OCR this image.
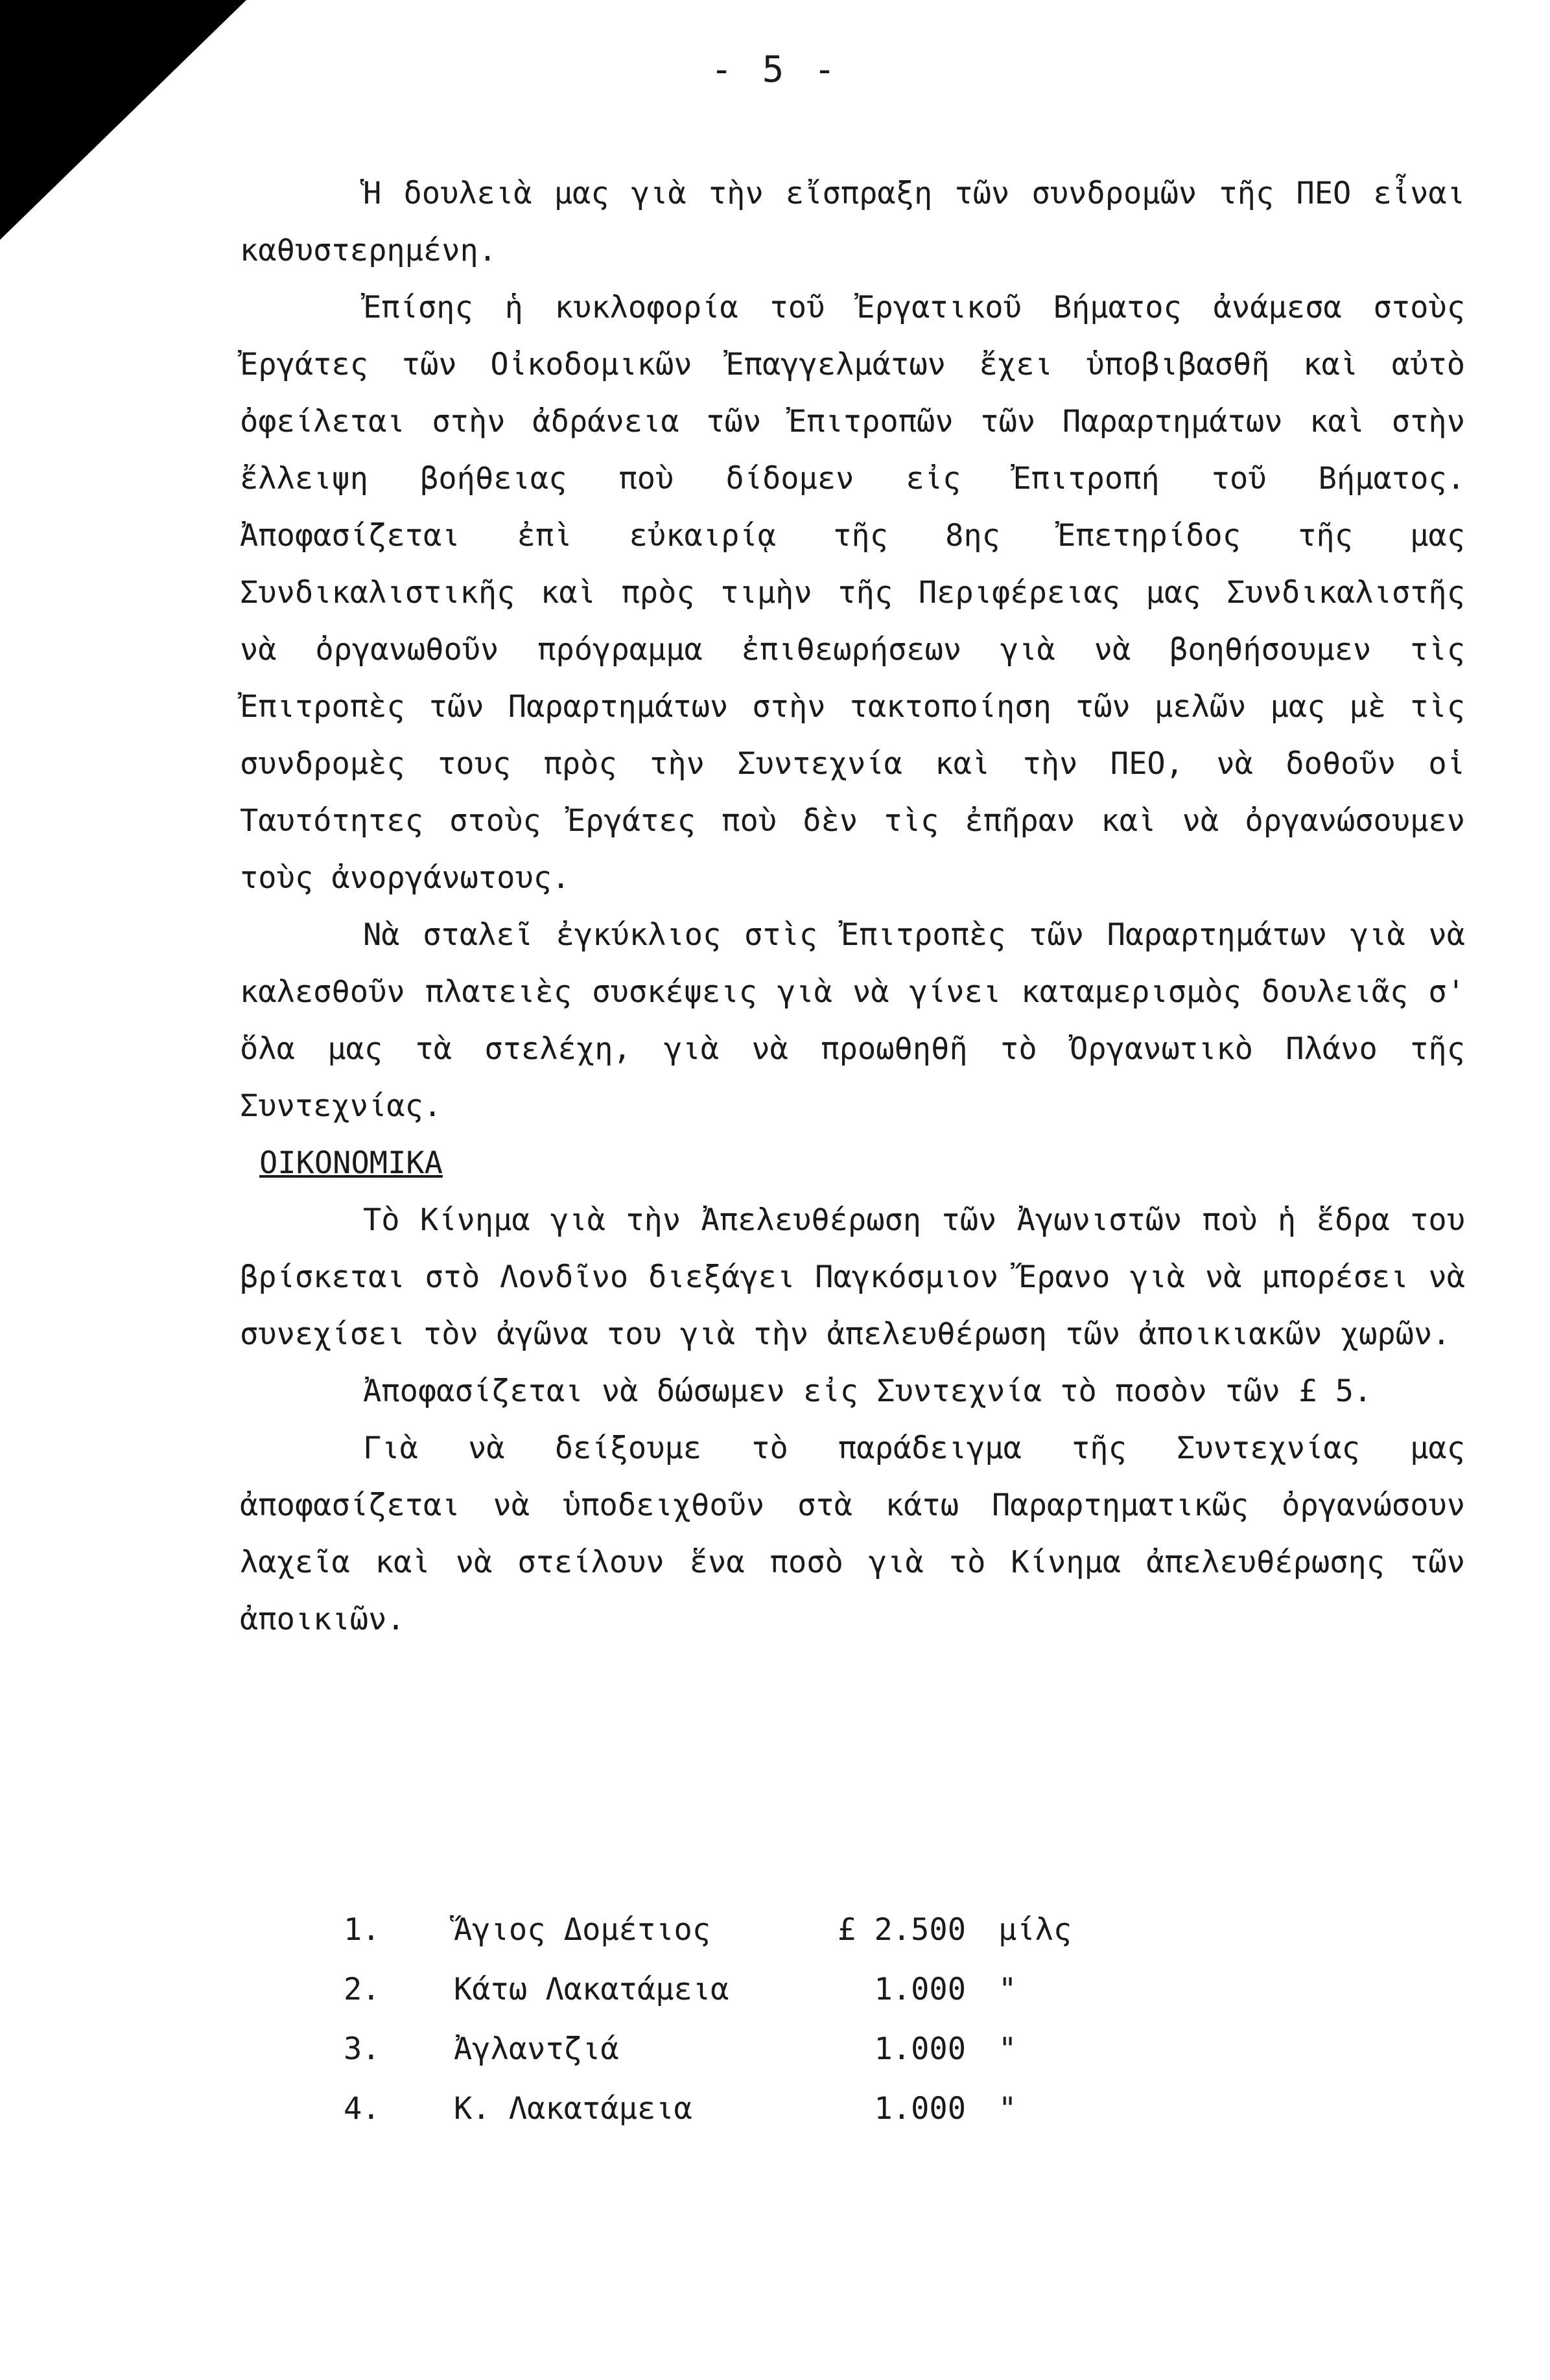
- 5 -

Ἡ δουλειὰ μας γιὰ τὴν εἴσπραξη τῶν συνδρομῶν τῆς ΠΕΟ εἶναι καθυστερημένη.

Ἐπίσης ἡ κυκλοφορία τοῦ Ἐργατικοῦ Βήματος ἀνάμεσα στοὺς Ἐργάτες τῶν Οἰκοδομικῶν Ἐπαγγελμάτων ἔχει ὑποβιβασθῆ καὶ αὐτὸ ὀφείλεται στὴν ἀδράνεια τῶν Ἐπιτροπῶν τῶν Παραρτημάτων καὶ στὴν ἔλλειψη βοήθειας ποὺ δίδομεν εἰς Ἐπιτροπή τοῦ Βήματος. Ἀποφασίζεται ἐπὶ εὐκαιρίᾳ τῆς 8ης Ἐπετηρίδος τῆς μας Συνδικαλιστικῆς καὶ πρὸς τιμὴν τῆς Περιφέρειας μας Συνδικαλιστῆς νὰ ὀργανωθοῦν πρόγραμμα ἐπιθεωρήσεων γιὰ νὰ βοηθήσουμεν τὶς Ἐπιτροπὲς τῶν Παραρτημάτων στὴν τακτοποίηση τῶν μελῶν μας μὲ τὶς συνδρομὲς τους πρὸς τὴν Συντεχνία καὶ τὴν ΠΕΟ, νὰ δοθοῦν οἱ Ταυτότητες στοὺς Ἐργάτες ποὺ δὲν τὶς ἐπῆραν καὶ νὰ ὀργανώσουμεν τοὺς ἀνοργάνωτους.

Νὰ σταλεῖ ἐγκύκλιος στὶς Ἐπιτροπὲς τῶν Παραρτημάτων γιὰ νὰ καλεσθοῦν πλατειὲς συσκέψεις γιὰ νὰ γίνει καταμερισμὸς δουλειᾶς σ' ὅλα μας τὰ στελέχη, γιὰ νὰ προωθηθῆ τὸ Ὀργανωτικὸ Πλάνο τῆς Συντεχνίας.

ΟΙΚΟΝΟΜΙΚΑ

Τὸ Κίνημα γιὰ τὴν Ἀπελευθέρωση τῶν Ἀγωνιστῶν ποὺ ἡ ἕδρα του βρίσκεται στὸ Λονδῖνο διεξάγει Παγκόσμιον Ἔρανο γιὰ νὰ μπορέσει νὰ συνεχίσει τὸν ἀγῶνα του γιὰ τὴν ἀπελευθέρωση τῶν ἀποικιακῶν χωρῶν.

Ἀποφασίζεται νὰ δώσωμεν εἰς Συντεχνία τὸ ποσὸν τῶν £ 5.

Γιὰ νὰ δείξουμε τὸ παράδειγμα τῆς Συντεχνίας μας ἀποφασίζεται νὰ ὑποδειχθοῦν στὰ κάτω Παραρτηματικῶς ὀργανώσουν λαχεῖα καὶ νὰ στείλουν ἕνα ποσὸ γιὰ τὸ Κίνημα ἀπελευθέρωσης τῶν ἀποικιῶν.

1. Ἅγιος Δομέτιος	£ 2.500 μίλς
2. Κάτω Λακατάμεια	1.000 "
3. Ἀγλαντζιά	1.000 "
4. Κ. Λακατάμεια	1.000 "
